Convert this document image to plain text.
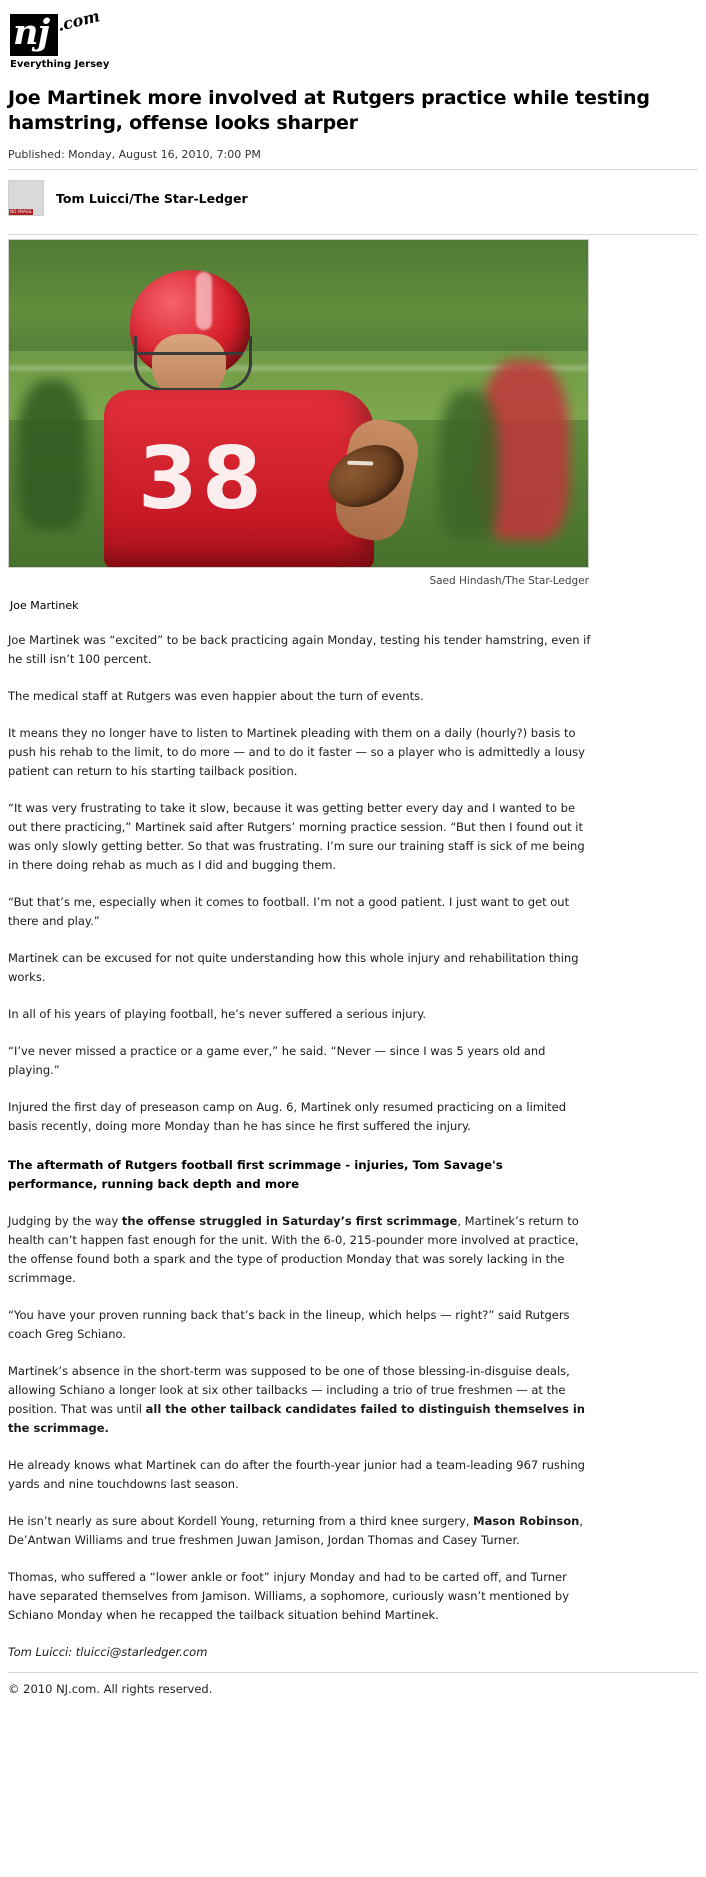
nj .com
Everything Jersey
Joe Martinek more involved at Rutgers practice while testing hamstring, offense looks sharper
Published: Monday, August 16, 2010, 7:00 PM
NO IMAGE
Tom Luicci/The Star-Ledger
38
Saed Hindash/The Star-Ledger
Joe Martinek

Joe Martinek was “excited” to be back practicing again Monday, testing his tender hamstring, even if he still isn’t 100 percent.

The medical staff at Rutgers was even happier about the turn of events.

It means they no longer have to listen to Martinek pleading with them on a daily (hourly?) basis to push his rehab to the limit, to do more — and to do it faster — so a player who is admittedly a lousy patient can return to his starting tailback position.

“It was very frustrating to take it slow, because it was getting better every day and I wanted to be out there practicing,” Martinek said after Rutgers’ morning practice session. “But then I found out it was only slowly getting better. So that was frustrating. I’m sure our training staff is sick of me being in there doing rehab as much as I did and bugging them.

“But that’s me, especially when it comes to football. I’m not a good patient. I just want to get out there and play.”

Martinek can be excused for not quite understanding how this whole injury and rehabilitation thing works.

In all of his years of playing football, he’s never suffered a serious injury.

“I’ve never missed a practice or a game ever,” he said. “Never — since I was 5 years old and playing.”

Injured the first day of preseason camp on Aug. 6, Martinek only resumed practicing on a limited basis recently, doing more Monday than he has since he first suffered the injury.

The aftermath of Rutgers football first scrimmage - injuries, Tom Savage's performance, running back depth and more

Judging by the way the offense struggled in Saturday’s first scrimmage, Martinek’s return to health can’t happen fast enough for the unit. With the 6-0, 215-pounder more involved at practice, the offense found both a spark and the type of production Monday that was sorely lacking in the scrimmage.

“You have your proven running back that’s back in the lineup, which helps — right?” said Rutgers coach Greg Schiano.

Martinek’s absence in the short-term was supposed to be one of those blessing-in-disguise deals, allowing Schiano a longer look at six other tailbacks — including a trio of true freshmen — at the position. That was until all the other tailback candidates failed to distinguish themselves in the scrimmage.

He already knows what Martinek can do after the fourth-year junior had a team-leading 967 rushing yards and nine touchdowns last season.

He isn’t nearly as sure about Kordell Young, returning from a third knee surgery, Mason Robinson, De’Antwan Williams and true freshmen Juwan Jamison, Jordan Thomas and Casey Turner.

Thomas, who suffered a “lower ankle or foot” injury Monday and had to be carted off, and Turner have separated themselves from Jamison. Williams, a sophomore, curiously wasn’t mentioned by Schiano Monday when he recapped the tailback situation behind Martinek.

Tom Luicci: tluicci@starledger.com

© 2010 NJ.com. All rights reserved.
